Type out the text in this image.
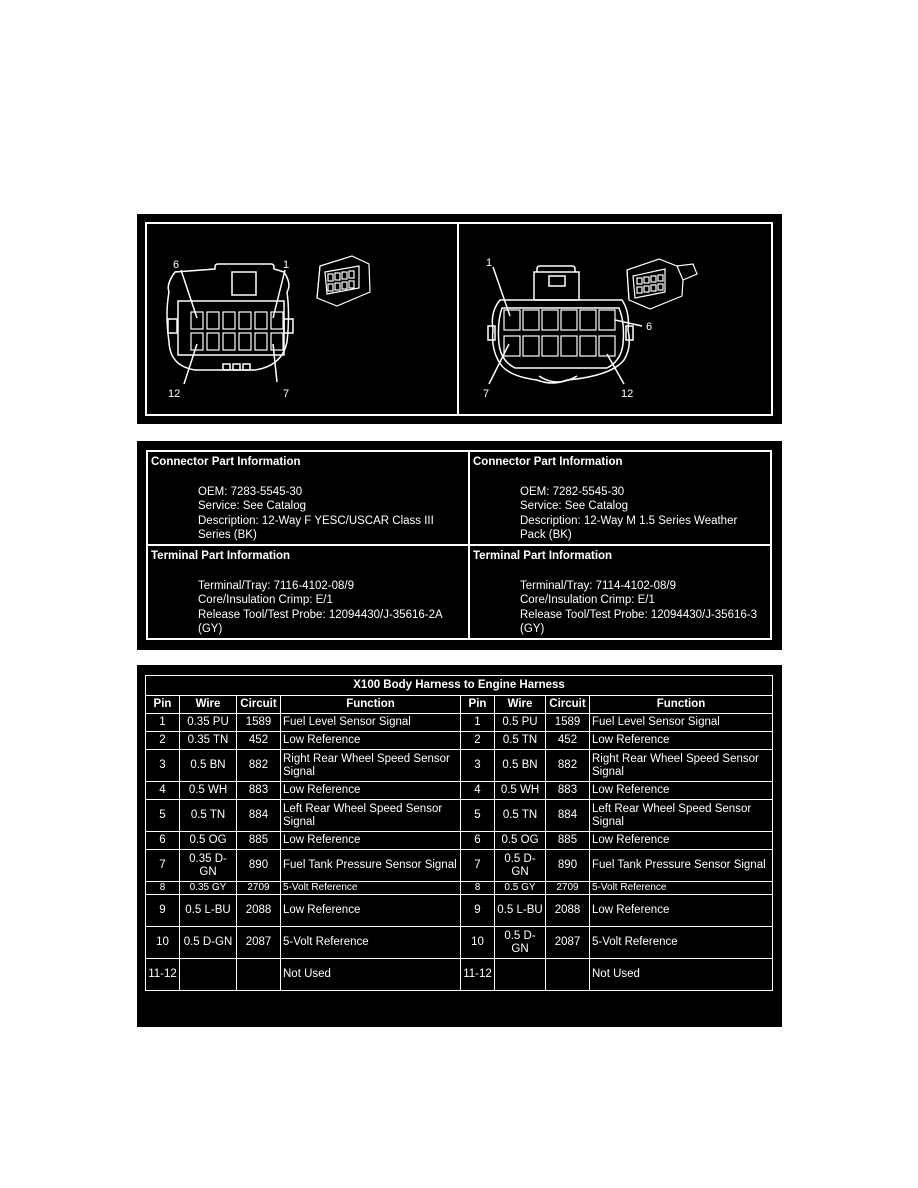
6	1
12	7
1
6
7	12
Connector Part Information
OEM: 7283-5545-30
Service: See Catalog
Description: 12-Way F YESC/USCAR Class III Series (BK)
Connector Part Information
OEM: 7282-5545-30
Service: See Catalog
Description: 12-Way M 1.5 Series Weather Pack (BK)
Terminal Part Information
Terminal/Tray: 7116-4102-08/9
Core/Insulation Crimp: E/1
Release Tool/Test Probe: 12094430/J-35616-2A (GY)
Terminal Part Information
Terminal/Tray: 7114-4102-08/9
Core/Insulation Crimp: E/1
Release Tool/Test Probe: 12094430/J-35616-3 (GY)
X100 Body Harness to Engine Harness							
Pin	Wire	Circuit	Function	Pin	Wire	Circuit	Function
1	0.35 PU	1589	Fuel Level Sensor Signal	1	0.5 PU	1589	Fuel Level Sensor Signal
2	0.35 TN	452	Low Reference	2	0.5 TN	452	Low Reference
3	0.5 BN	882	Right Rear Wheel Speed Sensor Signal	3	0.5 BN	882	Right Rear Wheel Speed Sensor Signal
4	0.5 WH	883	Low Reference	4	0.5 WH	883	Low Reference
5	0.5 TN	884	Left Rear Wheel Speed Sensor Signal	5	0.5 TN	884	Left Rear Wheel Speed Sensor Signal
6	0.5 OG	885	Low Reference	6	0.5 OG	885	Low Reference
7	0.35 D-GN	890	Fuel Tank Pressure Sensor Signal	7	0.5 D-GN	890	Fuel Tank Pressure Sensor Signal
8	0.35 GY	2709	5-Volt Reference	8	0.5 GY	2709	5-Volt Reference
9	0.5 L-BU	2088	Low Reference	9	0.5 L-BU	2088	Low Reference
10	0.5 D-GN	2087	5-Volt Reference	10	0.5 D-GN	2087	5-Volt Reference
11-12			Not Used	11-12			Not Used
